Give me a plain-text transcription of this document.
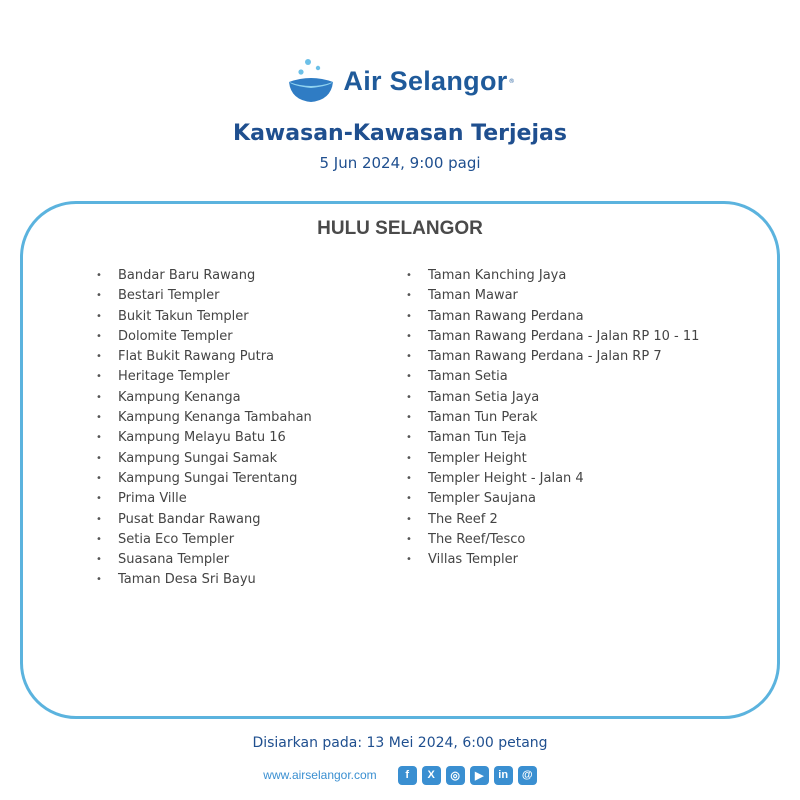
Air Selangor ®
Kawasan-Kawasan Terjejas
5 Jun 2024, 9:00 pagi
HULU SELANGOR
• Bandar Baru Rawang
• Bestari Templer
• Bukit Takun Templer
• Dolomite Templer
• Flat Bukit Rawang Putra
• Heritage Templer
• Kampung Kenanga
• Kampung Kenanga Tambahan
• Kampung Melayu Batu 16
• Kampung Sungai Samak
• Kampung Sungai Terentang
• Prima Ville
• Pusat Bandar Rawang
• Setia Eco Templer
• Suasana Templer
• Taman Desa Sri Bayu
• Taman Kanching Jaya
• Taman Mawar
• Taman Rawang Perdana
• Taman Rawang Perdana - Jalan RP 10 - 11
• Taman Rawang Perdana - Jalan RP 7
• Taman Setia
• Taman Setia Jaya
• Taman Tun Perak
• Taman Tun Teja
• Templer Height
• Templer Height - Jalan 4
• Templer Saujana
• The Reef 2
• The Reef/Tesco
• Villas Templer
Disiarkan pada: 13 Mei 2024, 6:00 petang
www.airselangor.com	f	X	◎	▶	in	@
